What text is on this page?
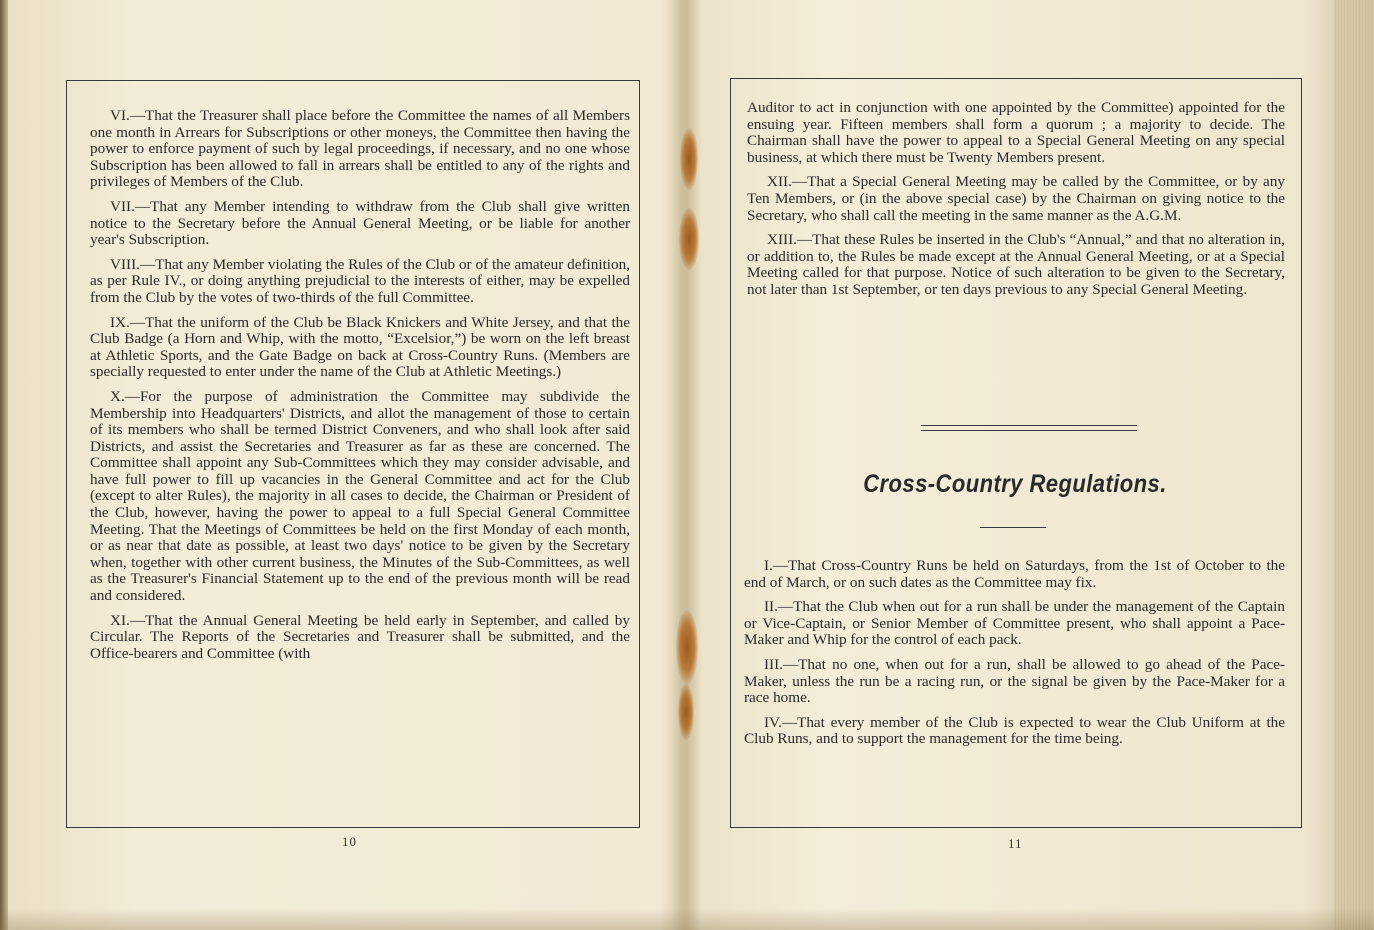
VI.—That the Treasurer shall place before the Committee the names of all Members one month in Arrears for Subscriptions or other moneys, the Committee then having the power to enforce payment of such by legal proceedings, if necessary, and no one whose Subscription has been allowed to fall in arrears shall be entitled to any of the rights and privileges of Members of the Club.

VII.—That any Member intending to withdraw from the Club shall give written notice to the Secretary before the Annual General Meeting, or be liable for another year's Subscription.

VIII.—That any Member violating the Rules of the Club or of the amateur definition, as per Rule IV., or doing anything prejudicial to the interests of either, may be expelled from the Club by the votes of two-thirds of the full Committee.

IX.—That the uniform of the Club be Black Knickers and White Jersey, and that the Club Badge (a Horn and Whip, with the motto, “Excelsior,”) be worn on the left breast at Athletic Sports, and the Gate Badge on back at Cross-Country Runs. (Members are specially requested to enter under the name of the Club at Athletic Meetings.)

X.—For the purpose of administration the Committee may subdivide the Membership into Headquarters' Districts, and allot the management of those to certain of its members who shall be termed District Conveners, and who shall look after said Districts, and assist the Secretaries and Treasurer as far as these are concerned. The Committee shall appoint any Sub-Committees which they may consider advisable, and have full power to fill up vacancies in the General Committee and act for the Club (except to alter Rules), the majority in all cases to decide, the Chairman or President of the Club, however, having the power to appeal to a full Special General Committee Meeting. That the Meetings of Committees be held on the first Monday of each month, or as near that date as possible, at least two days' notice to be given by the Secretary when, together with other current business, the Minutes of the Sub-Committees, as well as the Treasurer's Financial Statement up to the end of the previous month will be read and considered.

XI.—That the Annual General Meeting be held early in September, and called by Circular. The Reports of the Secretaries and Treasurer shall be submitted, and the Office-bearers and Committee (with

10

Auditor to act in conjunction with one appointed by the Committee) appointed for the ensuing year. Fifteen members shall form a quorum ; a majority to decide. The Chairman shall have the power to appeal to a Special General Meeting on any special business, at which there must be Twenty Members present.

XII.—That a Special General Meeting may be called by the Committee, or by any Ten Members, or (in the above special case) by the Chairman on giving notice to the Secretary, who shall call the meeting in the same manner as the A.G.M.

XIII.—That these Rules be inserted in the Club's “Annual,” and that no alteration in, or addition to, the Rules be made except at the Annual General Meeting, or at a Special Meeting called for that purpose. Notice of such alteration to be given to the Secretary, not later than 1st September, or ten days previous to any Special General Meeting.

Cross-Country Regulations.

I.—That Cross-Country Runs be held on Saturdays, from the 1st of October to the end of March, or on such dates as the Committee may fix.

II.—That the Club when out for a run shall be under the management of the Captain or Vice-Captain, or Senior Member of Committee present, who shall appoint a Pace-Maker and Whip for the control of each pack.

III.—That no one, when out for a run, shall be allowed to go ahead of the Pace-Maker, unless the run be a racing run, or the signal be given by the Pace-Maker for a race home.

IV.—That every member of the Club is expected to wear the Club Uniform at the Club Runs, and to support the management for the time being.

11
